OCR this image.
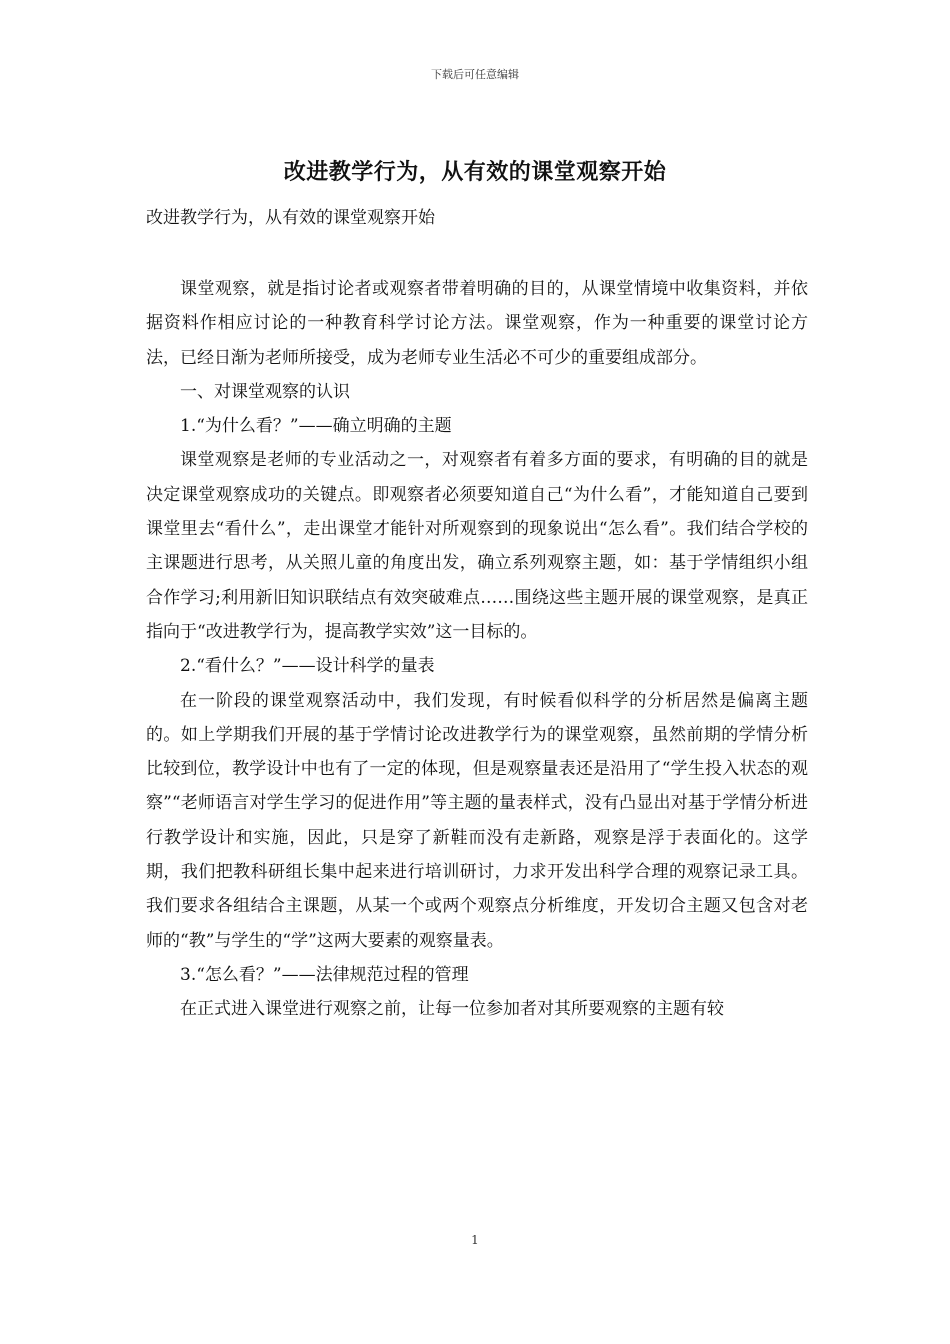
下载后可任意编辑
改进教学行为，从有效的课堂观察开始
改进教学行为，从有效的课堂观察开始

课堂观察，就是指讨论者或观察者带着明确的目的，从课堂情境中收集资料，并依据资料作相应讨论的一种教育科学讨论方法。课堂观察，作为一种重要的课堂讨论方法，已经日渐为老师所接受，成为老师专业生活必不可少的重要组成部分。

一、对课堂观察的认识

1.“为什么看？”——确立明确的主题

课堂观察是老师的专业活动之一，对观察者有着多方面的要求，有明确的目的就是决定课堂观察成功的关键点。即观察者必须要知道自己“为什么看”，才能知道自己要到课堂里去“看什么”，走出课堂才能针对所观察到的现象说出“怎么看”。我们结合学校的主课题进行思考，从关照儿童的角度出发，确立系列观察主题，如：基于学情组织小组合作学习;利用新旧知识联结点有效突破难点……围绕这些主题开展的课堂观察，是真正指向于“改进教学行为，提高教学实效”这一目标的。

2.“看什么？”——设计科学的量表

在一阶段的课堂观察活动中，我们发现，有时候看似科学的分析居然是偏离主题的。如上学期我们开展的基于学情讨论改进教学行为的课堂观察，虽然前期的学情分析比较到位，教学设计中也有了一定的体现，但是观察量表还是沿用了“学生投入状态的观察”“老师语言对学生学习的促进作用”等主题的量表样式，没有凸显出对基于学情分析进行教学设计和实施，因此，只是穿了新鞋而没有走新路，观察是浮于表面化的。这学期，我们把教科研组长集中起来进行培训研讨，力求开发出科学合理的观察记录工具。我们要求各组结合主课题，从某一个或两个观察点分析维度，开发切合主题又包含对老师的“教”与学生的“学”这两大要素的观察量表。

3.“怎么看？”——法律规范过程的管理

在正式进入课堂进行观察之前，让每一位参加者对其所要观察的主题有较

1
